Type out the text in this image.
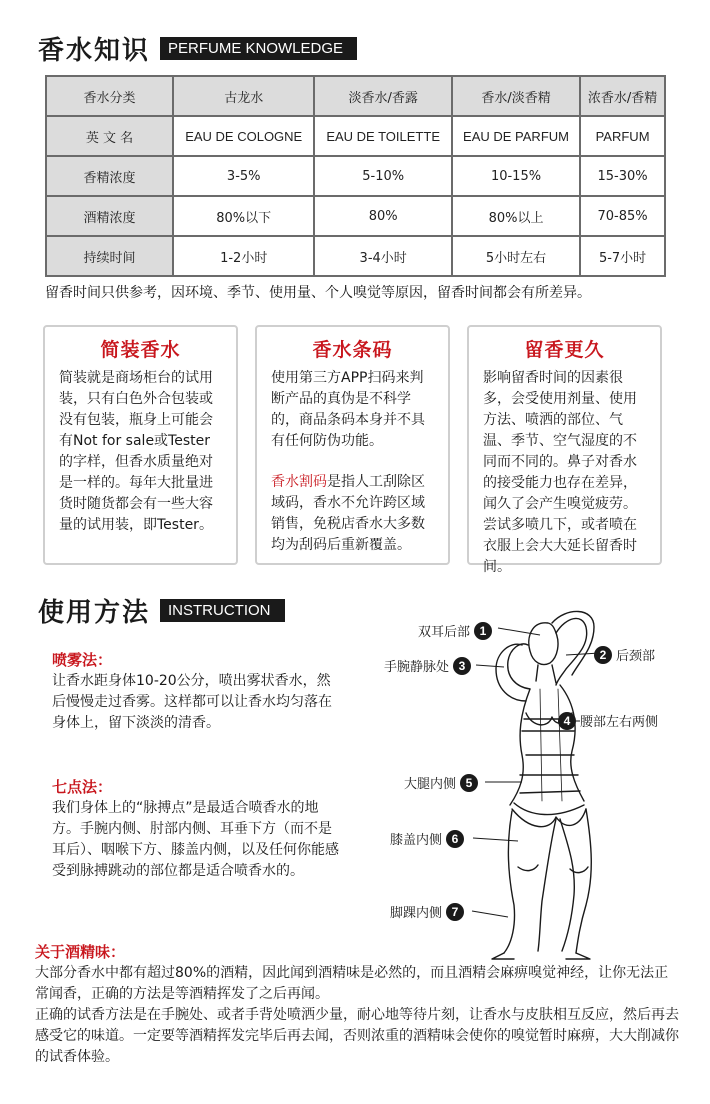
香水知识	PERFUME KNOWLEDGE
香水分类	古龙水	淡香水/香露	香水/淡香精	浓香水/香精
英 文 名	EAU DE COLOGNE	EAU DE TOILETTE	EAU DE PARFUM	PARFUM
香精浓度	3-5%	5-10%	10-15%	15-30%
酒精浓度	80%以下	80%	80%以上	70-85%
持续时间	1-2小时	3-4小时	5小时左右	5-7小时
留香时间只供参考，因环境、季节、使用量、个人嗅觉等原因，留香时间都会有所差异。
简装香水

简装就是商场柜台的试用装，只有白色外合包装或没有包装，瓶身上可能会有Not for sale或Tester的字样，但香水质量绝对是一样的。每年大批量进货时随货都会有一些大容量的试用装，即Tester。

香水条码

使用第三方APP扫码来判断产品的真伪是不科学的，商品条码本身并不具有任何防伪功能。

香水割码是指人工刮除区域码，香水不允许跨区域销售，免税店香水大多数均为刮码后重新覆盖。

留香更久

影响留香时间的因素很多，会受使用剂量、使用方法、喷洒的部位、气温、季节、空气湿度的不同而不同的。鼻子对香水的接受能力也存在差异，闻久了会产生嗅觉疲劳。尝试多喷几下，或者喷在衣服上会大大延长留香时间。

使用方法	INSTRUCTION
喷雾法：
让香水距身体10-20公分，喷出雾状香水，然后慢慢走过香雾。这样都可以让香水均匀落在身体上，留下淡淡的清香。
七点法：
我们身体上的“脉搏点”是最适合喷香水的地方。手腕内侧、肘部内侧、耳垂下方（而不是耳后）、咽喉下方、膝盖内侧，以及任何你能感受到脉搏跳动的部位都是适合喷香水的。
双耳后部 1
2 后颈部
手腕静脉处 3
4 腰部左右两侧
大腿内侧 5
膝盖内侧 6
脚踝内侧 7
关于酒精味：

大部分香水中都有超过80%的酒精，因此闻到酒精味是必然的，而且酒精会麻痹嗅觉神经，让你无法正常闻香，正确的方法是等酒精挥发了之后再闻。

正确的试香方法是在手腕处、或者手背处喷洒少量，耐心地等待片刻，让香水与皮肤相互反应，然后再去感受它的味道。一定要等酒精挥发完毕后再去闻，否则浓重的酒精味会使你的嗅觉暂时麻痹，大大削减你的试香体验。
